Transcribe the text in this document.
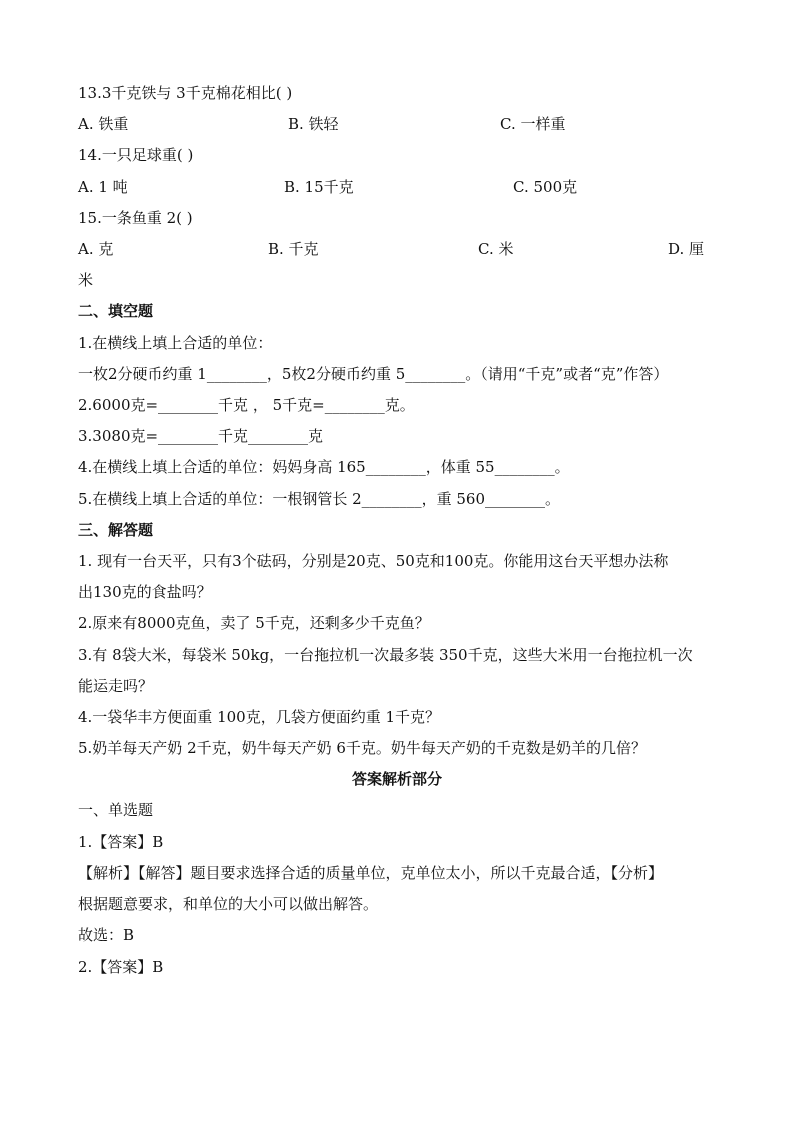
13.3千克铁与 3千克棉花相比( )
A. 铁重	B. 铁轻	C. 一样重
14.一只足球重( )
A. 1 吨	B. 15千克	C. 500克
15.一条鱼重 2( )
A. 克	B. 千克	C. 米	D. 厘
米
二、填空题
1.在横线上填上合适的单位：
一枚2分硬币约重 1________，5枚2分硬币约重 5________。（请用“千克”或者“克”作答）
2.6000克=________千克 ， 5千克=________克。
3.3080克=________千克________克
4.在横线上填上合适的单位：妈妈身高 165________，体重 55________。
5.在横线上填上合适的单位：一根钢管长 2________，重 560________。
三、解答题
1. 现有一台天平，只有3个砝码，分别是20克、50克和100克。你能用这台天平想办法称
出130克的食盐吗？
2.原来有8000克鱼，卖了 5千克，还剩多少千克鱼？
3.有 8袋大米，每袋米 50kg，一台拖拉机一次最多装 350千克，这些大米用一台拖拉机一次
能运走吗？
4.一袋华丰方便面重 100克，几袋方便面约重 1千克？
5.奶羊每天产奶 2千克，奶牛每天产奶 6千克。奶牛每天产奶的千克数是奶羊的几倍？
答案解析部分
一、单选题
1.【答案】B
【解析】【解答】题目要求选择合适的质量单位，克单位太小，所以千克最合适，【分析】
根据题意要求，和单位的大小可以做出解答。
故选：B
2.【答案】B
